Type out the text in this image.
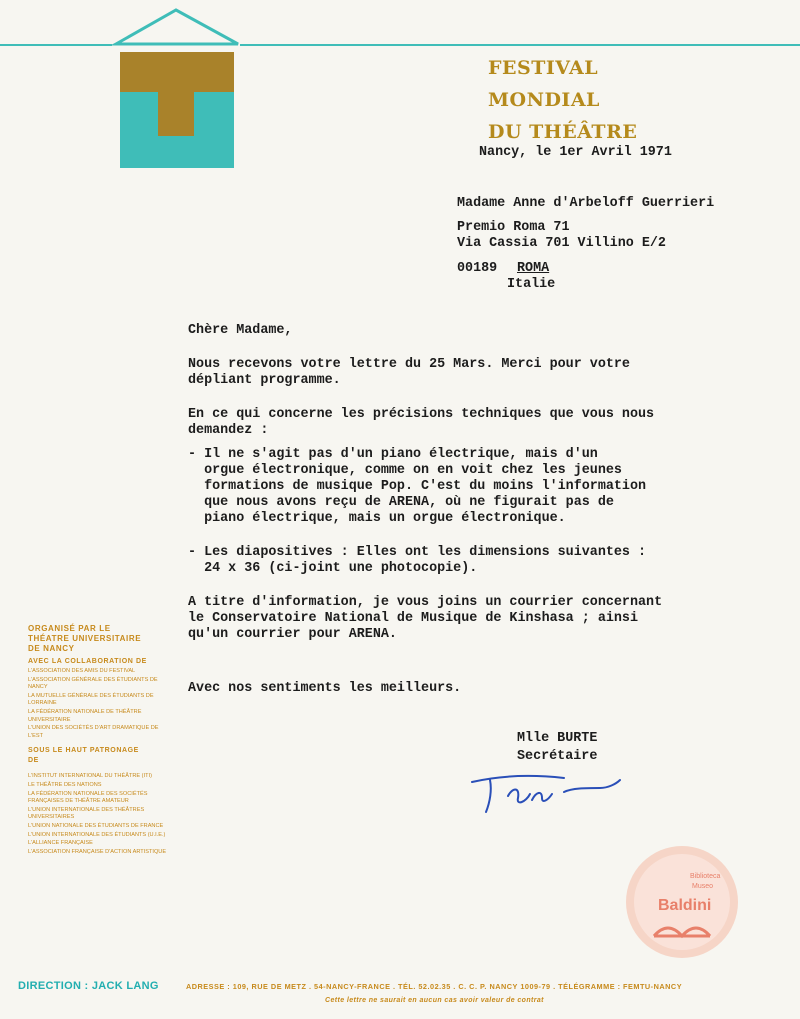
FESTIVAL
MONDIAL
DU THÉÂTRE
Nancy, le 1er Avril 1971
Madame Anne d'Arbeloff Guerrieri
Premio Roma 71
Via Cassia 701 Villino E/2
00189 ROMA
Italie
Chère Madame,
Nous recevons votre lettre du 25 Mars. Merci pour votre
dépliant programme.
En ce qui concerne les précisions techniques que vous nous
demandez :
- Il ne s'agit pas d'un piano électrique, mais d'un
orgue électronique, comme on en voit chez les jeunes
formations de musique Pop. C'est du moins l'information
que nous avons reçu de ARENA, où ne figurait pas de
piano électrique, mais un orgue électronique.
- Les diapositives : Elles ont les dimensions suivantes :
24 x 36 (ci-joint une photocopie).
A titre d'information, je vous joins un courrier concernant
le Conservatoire National de Musique de Kinshasa ; ainsi
qu'un courrier pour ARENA.
Avec nos sentiments les meilleurs.
Mlle BURTE
Secrétaire
ORGANISÉ PAR LE
THÉATRE UNIVERSITAIRE
DE NANCY
AVEC LA COLLABORATION DE
L'ASSOCIATION DES AMIS DU FESTIVAL
L'ASSOCIATION GÉNÉRALE DES ÉTUDIANTS DE NANCY
LA MUTUELLE GÉNÉRALE DES ÉTUDIANTS DE LORRAINE
LA FÉDÉRATION NATIONALE DE THÉÂTRE UNIVERSITAIRE
L'UNION DES SOCIÉTÉS D'ART DRAMATIQUE DE L'EST
SOUS LE HAUT PATRONAGE
DE
L'INSTITUT INTERNATIONAL DU THÉÂTRE (ITI)
LE THÉÂTRE DES NATIONS
LA FÉDÉRATION NATIONALE DES SOCIÉTÉS FRANÇAISES DE THÉÂTRE AMATEUR
L'UNION INTERNATIONALE DES THÉÂTRES UNIVERSITAIRES
L'UNION NATIONALE DES ÉTUDIANTS DE FRANCE
L'UNION INTERNATIONALE DES ÉTUDIANTS (U.I.E.)
L'ALLIANCE FRANÇAISE
L'ASSOCIATION FRANÇAISE D'ACTION ARTISTIQUE
DIRECTION : JACK LANG	ADRESSE : 109, RUE DE METZ . 54-NANCY-FRANCE . TÉL. 52.02.35 . C. C. P. NANCY 1009-79 . TÉLÉGRAMME : FEMTU-NANCY
Cette lettre ne saurait en aucun cas avoir valeur de contrat
Biblioteca
Museo
Baldini
